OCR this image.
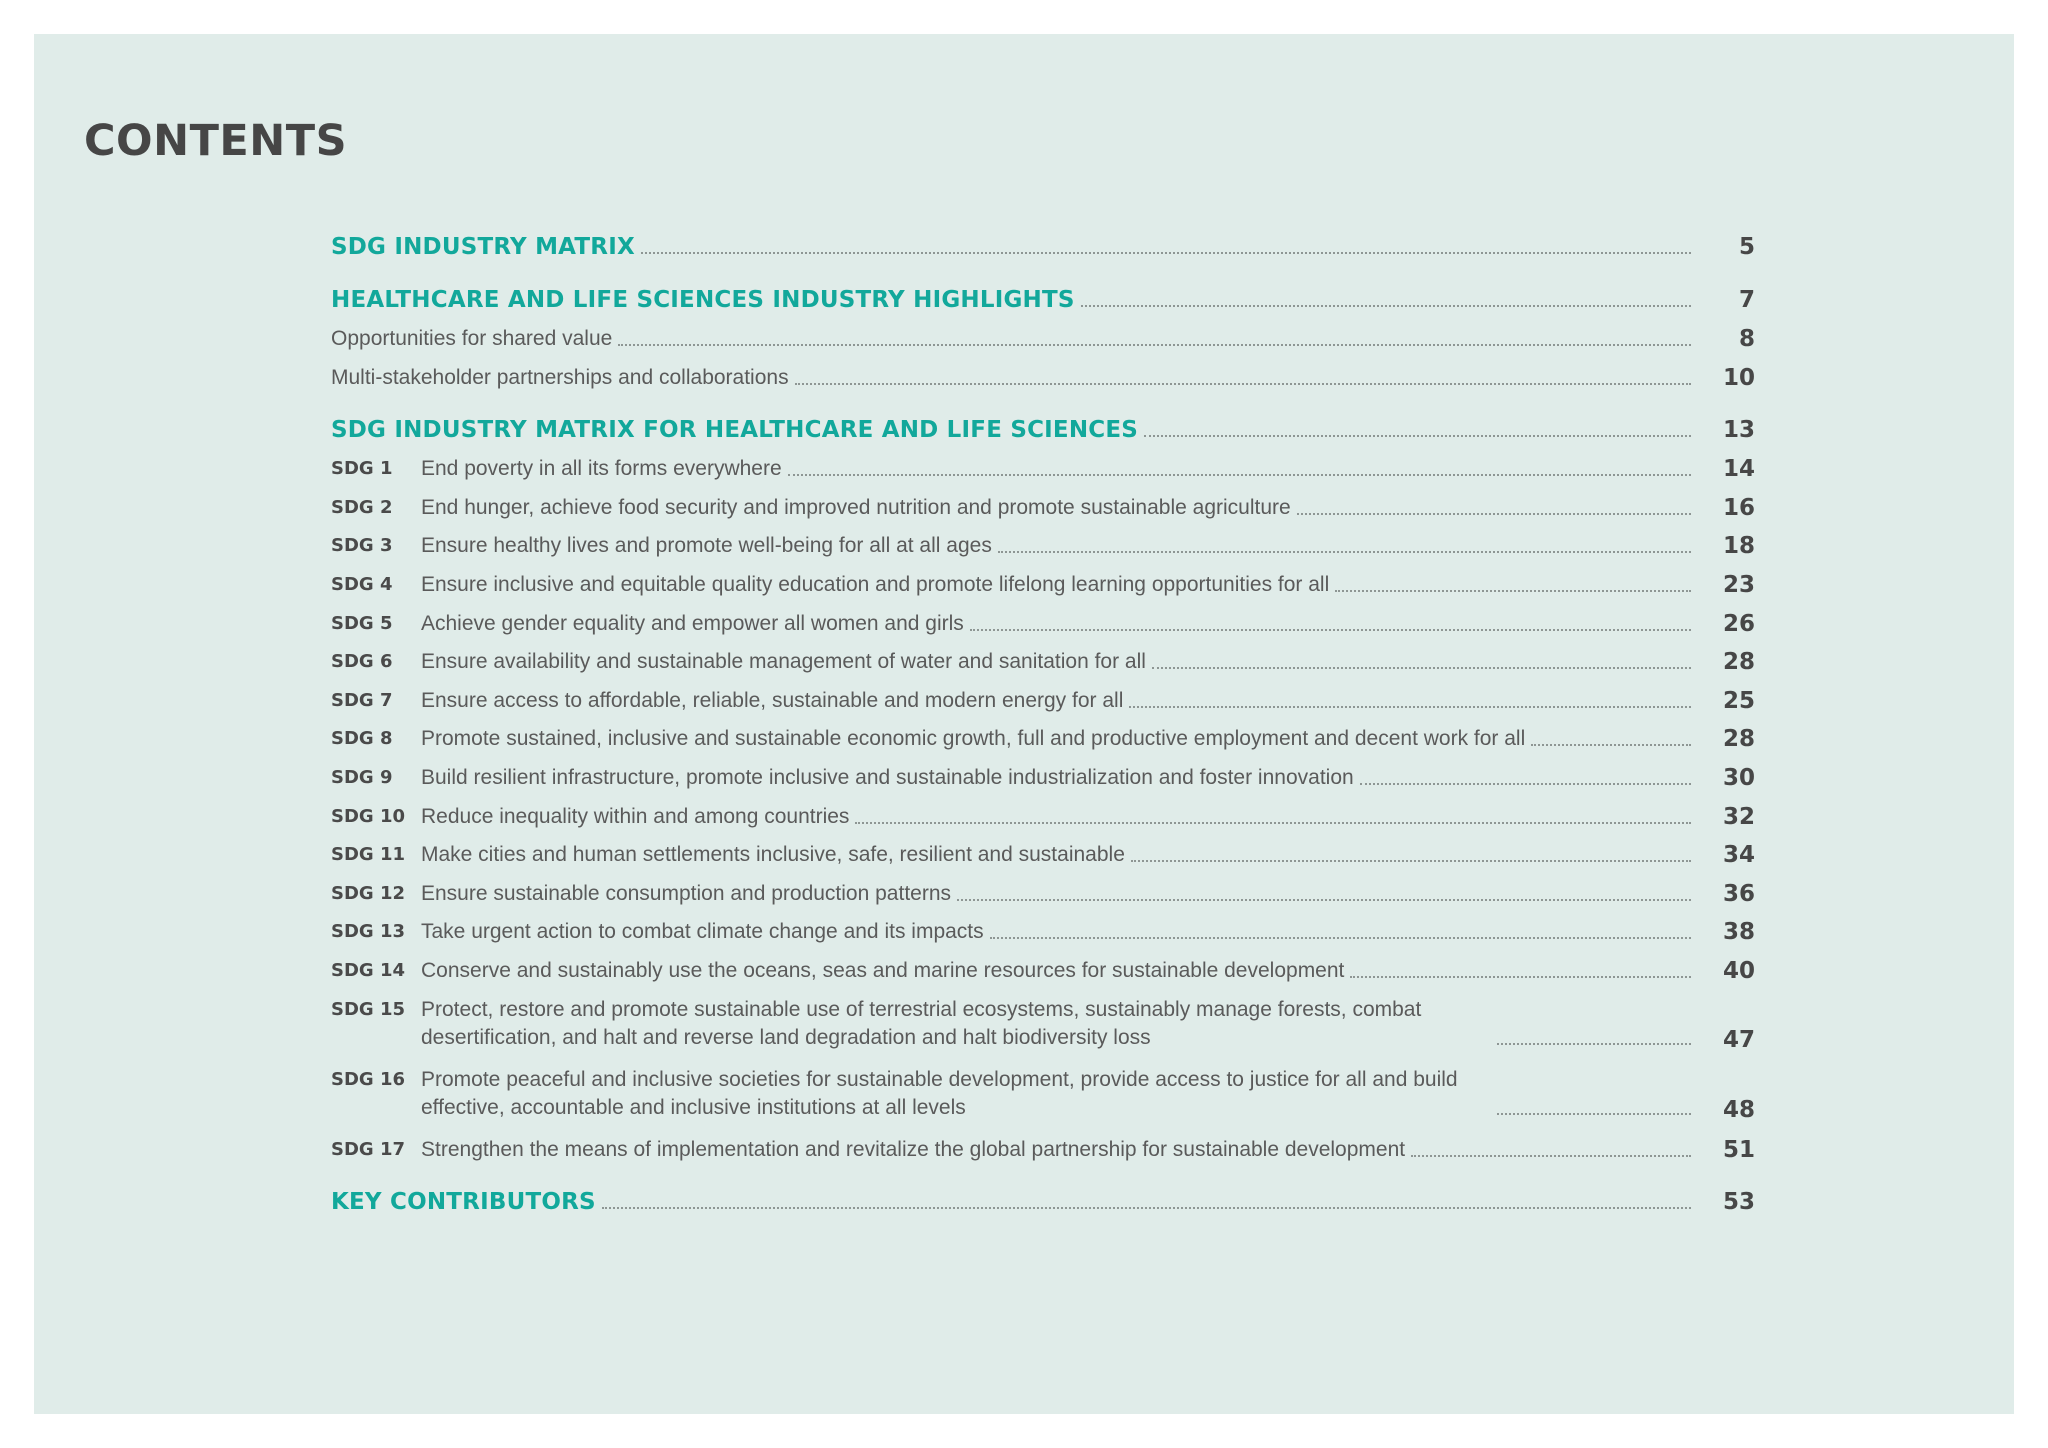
CONTENTS
SDG INDUSTRY MATRIX	5
HEALTHCARE AND LIFE SCIENCES INDUSTRY HIGHLIGHTS	7
Opportunities for shared value	8
Multi-stakeholder partnerships and collaborations	10
SDG INDUSTRY MATRIX FOR HEALTHCARE AND LIFE SCIENCES	13
SDG 1	End poverty in all its forms everywhere	14
SDG 2	End hunger, achieve food security and improved nutrition and promote sustainable agriculture	16
SDG 3	Ensure healthy lives and promote well-being for all at all ages	18
SDG 4	Ensure inclusive and equitable quality education and promote lifelong learning opportunities for all	23
SDG 5	Achieve gender equality and empower all women and girls	26
SDG 6	Ensure availability and sustainable management of water and sanitation for all	28
SDG 7	Ensure access to affordable, reliable, sustainable and modern energy for all	25
SDG 8	Promote sustained, inclusive and sustainable economic growth, full and productive employment and decent work for all	28
SDG 9	Build resilient infrastructure, promote inclusive and sustainable industrialization and foster innovation	30
SDG 10 Reduce inequality within and among countries	32
SDG 11 Make cities and human settlements inclusive, safe, resilient and sustainable	34
SDG 12 Ensure sustainable consumption and production patterns	36
SDG 13 Take urgent action to combat climate change and its impacts	38
SDG 14 Conserve and sustainably use the oceans, seas and marine resources for sustainable development	40
SDG 15 Protect, restore and promote sustainable use of terrestrial ecosystems, sustainably manage forests, combat desertification, and halt and reverse land degradation and halt biodiversity loss	47
SDG 16 Promote peaceful and inclusive societies for sustainable development, provide access to justice for all and build effective, accountable and inclusive institutions at all levels	48
SDG 17 Strengthen the means of implementation and revitalize the global partnership for sustainable development	51
KEY CONTRIBUTORS	53
